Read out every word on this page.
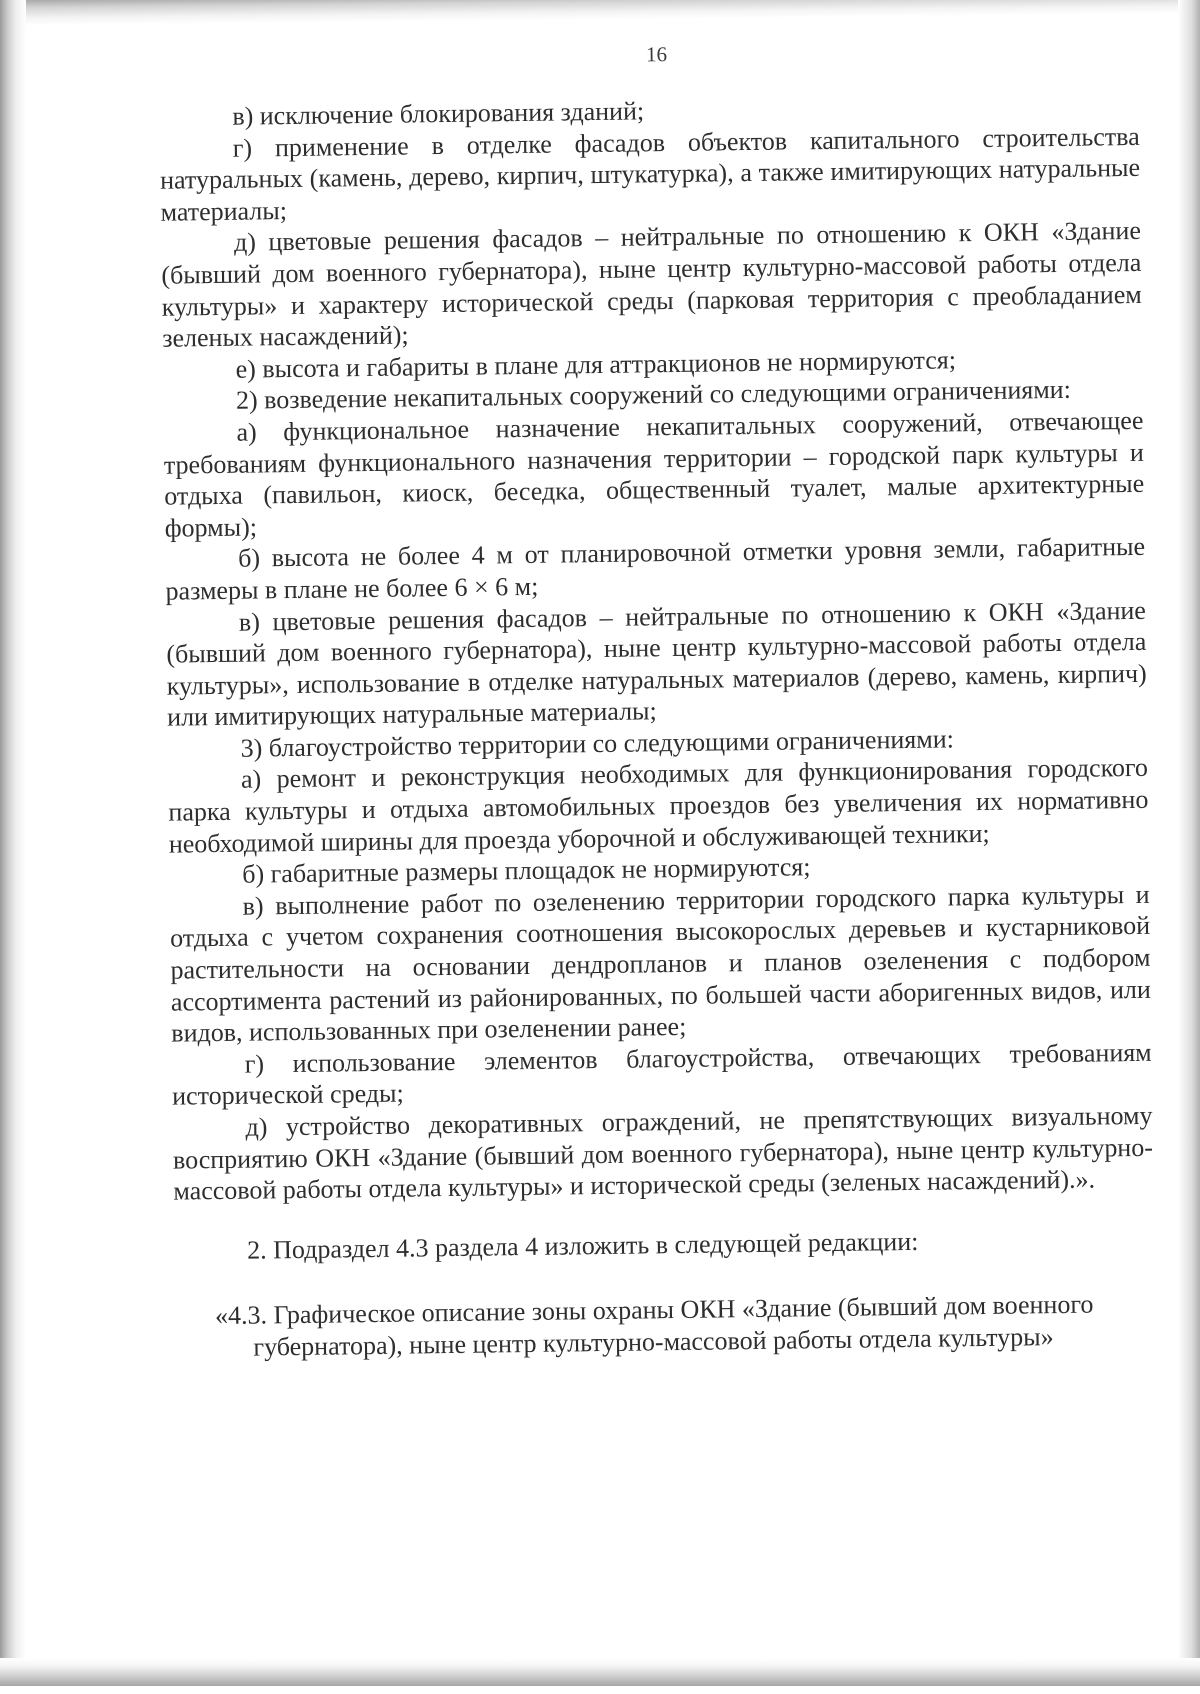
16

в) исключение блокирования зданий;

г) применение в отделке фасадов объектов капитального строительства натуральных (камень, дерево, кирпич, штукатурка), а также имитирующих натуральные материалы;

д) цветовые решения фасадов – нейтральные по отношению к ОКН «Здание (бывший дом военного губернатора), ныне центр культурно-массовой работы отдела культуры» и характеру исторической среды (парковая территория с преобладанием зеленых насаждений);

е) высота и габариты в плане для аттракционов не нормируются;

2) возведение некапитальных сооружений со следующими ограничениями:

а) функциональное назначение некапитальных сооружений, отвечающее требованиям функционального назначения территории – городской парк культуры и отдыха (павильон, киоск, беседка, общественный туалет, малые архитектурные формы);

б) высота не более 4 м от планировочной отметки уровня земли, габаритные размеры в плане не более 6 × 6 м;

в) цветовые решения фасадов – нейтральные по отношению к ОКН «Здание (бывший дом военного губернатора), ныне центр культурно-массовой работы отдела культуры», использование в отделке натуральных материалов (дерево, камень, кирпич) или имитирующих натуральные материалы;

3) благоустройство территории со следующими ограничениями:

а) ремонт и реконструкция необходимых для функционирования городского парка культуры и отдыха автомобильных проездов без увеличения их нормативно необходимой ширины для проезда уборочной и обслуживающей техники;

б) габаритные размеры площадок не нормируются;

в) выполнение работ по озеленению территории городского парка культуры и отдыха с учетом сохранения соотношения высокорослых деревьев и кустарниковой растительности на основании дендропланов и планов озеленения с подбором ассортимента растений из районированных, по большей части аборигенных видов, или видов, использованных при озеленении ранее;

г) использование элементов благоустройства, отвечающих требованиям исторической среды;

д) устройство декоративных ограждений, не препятствующих визуальному восприятию ОКН «Здание (бывший дом военного губернатора), ныне центр культурно-массовой работы отдела культуры» и исторической среды (зеленых насаждений).».

2. Подраздел 4.3 раздела 4 изложить в следующей редакции:

«4.3. Графическое описание зоны охраны ОКН «Здание (бывший дом военного
губернатора), ныне центр культурно-массовой работы отдела культуры»
